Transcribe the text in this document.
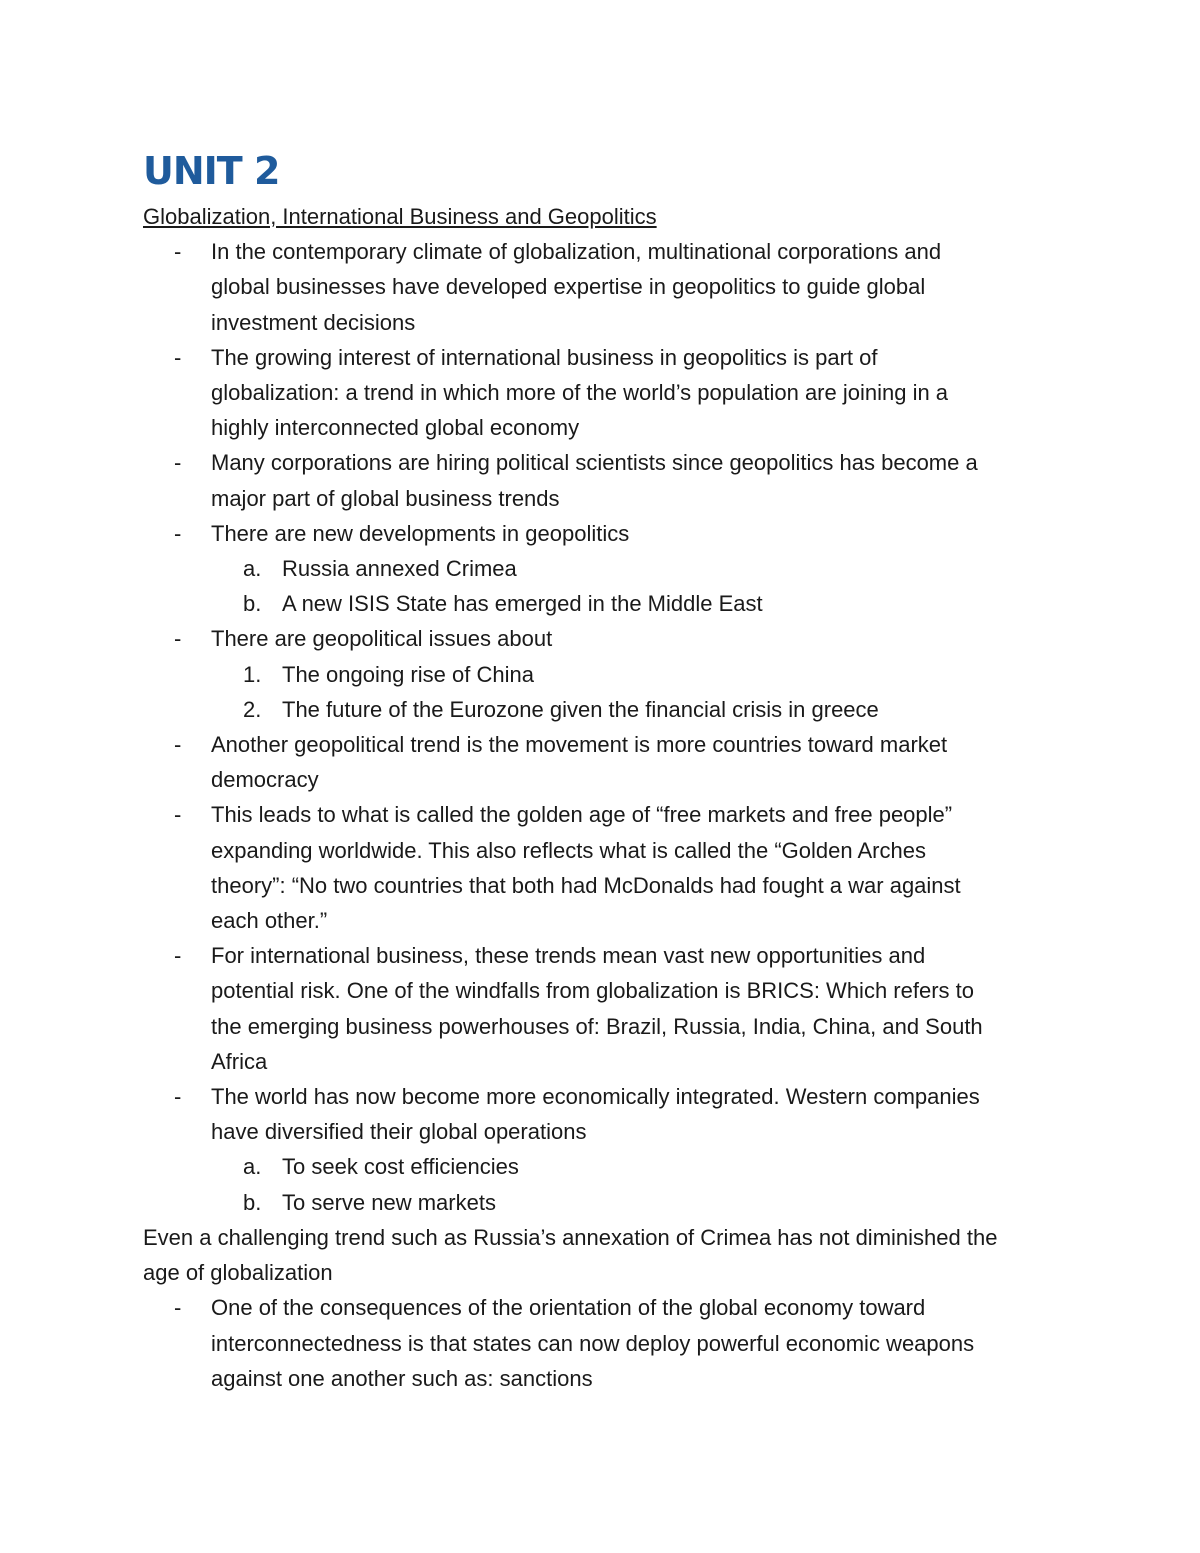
UNIT 2
Globalization, International Business and Geopolitics
- In the contemporary climate of globalization, multinational corporations and
global businesses have developed expertise in geopolitics to guide global
investment decisions
- The growing interest of international business in geopolitics is part of
globalization: a trend in which more of the world’s population are joining in a
highly interconnected global economy
- Many corporations are hiring political scientists since geopolitics has become a
major part of global business trends
- There are new developments in geopolitics
a. Russia annexed Crimea
b. A new ISIS State has emerged in the Middle East
- There are geopolitical issues about
1. The ongoing rise of China
2. The future of the Eurozone given the financial crisis in greece
- Another geopolitical trend is the movement is more countries toward market
democracy
- This leads to what is called the golden age of “free markets and free people”
expanding worldwide. This also reflects what is called the “Golden Arches
theory”: “No two countries that both had McDonalds had fought a war against
each other.”
- For international business, these trends mean vast new opportunities and
potential risk. One of the windfalls from globalization is BRICS: Which refers to
the emerging business powerhouses of: Brazil, Russia, India, China, and South
Africa
- The world has now become more economically integrated. Western companies
have diversified their global operations
a. To seek cost efficiencies
b. To serve new markets
Even a challenging trend such as Russia’s annexation of Crimea has not diminished the
age of globalization
- One of the consequences of the orientation of the global economy toward
interconnectedness is that states can now deploy powerful economic weapons
against one another such as: sanctions
